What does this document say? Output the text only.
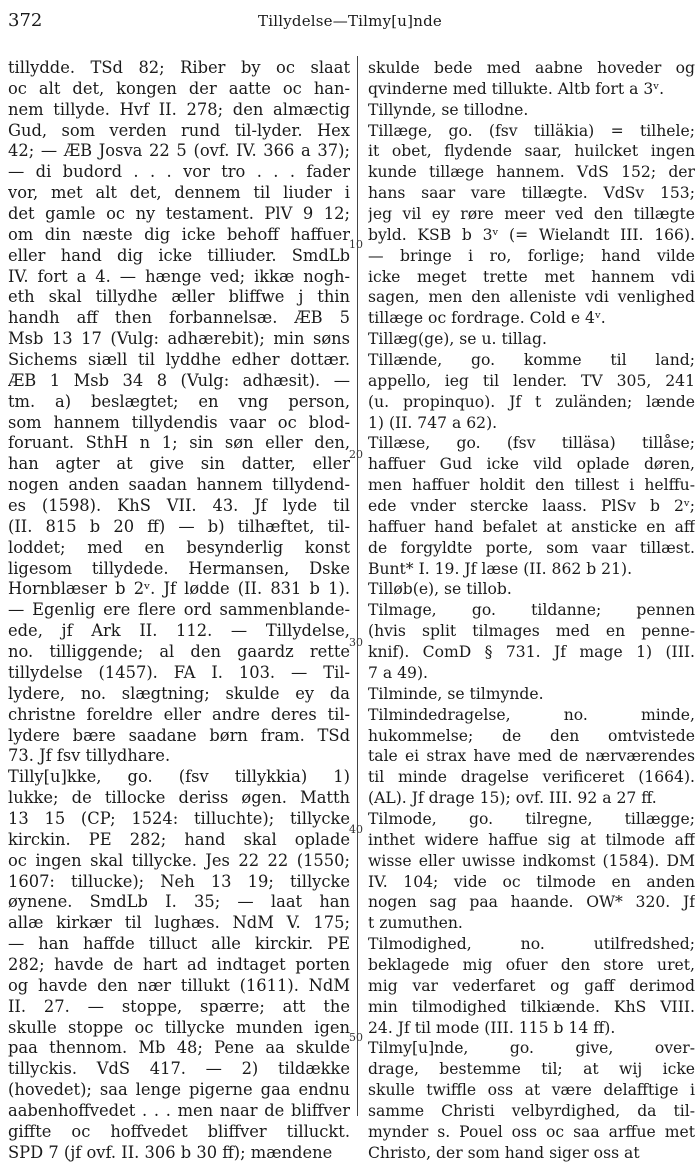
372	Tillydelse—Tilmy[u]nde
tillydde. TSd 82; Riber by oc slaat
oc alt det, kongen der aatte oc han-
nem tillyde. Hvf II. 278; den almæctig
Gud, som verden rund til-lyder. Hex
42; — ÆB Josva 22 5 (ovf. IV. 366 a 37);
— di budord . . . vor tro . . . fader
vor, met alt det, dennem til liuder i
det gamle oc ny testament. PlV 9 12;
om din næste dig icke behoff haffuer
eller hand dig icke tilliuder. SmdLb
IV. fort a 4. — hænge ved; ikkæ nogh-
eth skal tillydhe æller bliffwe j thin
handh aff then forbannelsæ. ÆB 5
Msb 13 17 (Vulg: adhærebit); min søns
Sichems siæll til lyddhe edher dottær.
ÆB 1 Msb 34 8 (Vulg: adhæsit). —
tm. a) beslægtet; en vng person,
som hannem tillydendis vaar oc blod-
foruant. SthH n 1; sin søn eller den,
han agter at give sin datter, eller
nogen anden saadan hannem tillydend-
es (1598). KhS VII. 43. Jf lyde til
(II. 815 b 20 ff) — b) tilhæftet, til-
loddet; med en besynderlig konst
ligesom tillydede. Hermansen, Dske
Hornblæser b 2ᵛ. Jf lødde (II. 831 b 1).
— Egenlig ere flere ord sammenblande-
ede, jf Ark II. 112. — Tillydelse,
no. tilliggende; al den gaardz rette
tillydelse (1457). FA I. 103. — Til-
lydere, no. slægtning; skulde ey da
christne foreldre eller andre deres til-
lydere bære saadane børn fram. TSd
73. Jf fsv tillydhare.
Tilly[u]kke, go. (fsv tillykkia) 1)
lukke; de tillocke deriss øgen. Matth
13 15 (CP; 1524: tilluchte); tillycke
kirckin. PE 282; hand skal oplade
oc ingen skal tillycke. Jes 22 22 (1550;
1607: tillucke); Neh 13 19; tillycke
øynene. SmdLb I. 35; — laat han
allæ kirkær til lughæs. NdM V. 175;
— han haffde tilluct alle kirckir. PE
282; havde de hart ad indtaget porten
og havde den nær tillukt (1611). NdM
II. 27. — stoppe, spærre; att the
skulle stoppe oc tillycke munden igen
paa thennom. Mb 48; Pene aa skulde
tillyckis. VdS 417. — 2) tildække
(hovedet); saa lenge pigerne gaa endnu
aabenhoffvedet . . . men naar de bliffver
giffte oc hoffvedet bliffver tilluckt.
SPD 7 (jf ovf. II. 306 b 30 ff); mændene
skulde bede med aabne hoveder og
qvinderne med tillukte. Altb fort a 3ᵛ.
Tillynde, se tillodne.
Tillæge, go. (fsv tilläkia) = tilhele;
it obet, flydende saar, huilcket ingen
kunde tillæge hannem. VdS 152; der
hans saar vare tillægte. VdSv 153;
jeg vil ey røre meer ved den tillægte
byld. KSB b 3ᵛ (= Wielandt III. 166).
— bringe i ro, forlige; hand vilde
icke meget trette met hannem vdi
sagen, men den alleniste vdi venlighed
tillæge oc fordrage. Cold e 4ᵛ.
Tillæg(ge), se u. tillag.
Tillænde, go. komme til land;
appello, ieg til lender. TV 305, 241
(u. propinquo). Jf t zuländen; lænde
1) (II. 747 a 62).
Tillæse, go. (fsv tilläsa) tillåse;
haffuer Gud icke vild oplade døren,
men haffuer holdit den tillest i helffu-
ede vnder stercke laass. PlSv b 2ᵛ;
haffuer hand befalet at ansticke en aff
de forgyldte porte, som vaar tillæst.
Bunt* I. 19. Jf læse (II. 862 b 21).
Tilløb(e), se tillob.
Tilmage, go. tildanne; pennen
(hvis split tilmages med en penne-
knif). ComD § 731. Jf mage 1) (III.
7 a 49).
Tilminde, se tilmynde.
Tilmindedragelse, no. minde,
hukommelse; de den omtvistede
tale ei strax have med de nærværendes
til minde dragelse verificeret (1664).
(AL). Jf drage 15); ovf. III. 92 a 27 ff.
Tilmode, go. tilregne, tillægge;
inthet widere haffue sig at tilmode aff
wisse eller uwisse indkomst (1584). DM
IV. 104; vide oc tilmode en anden
nogen sag paa haande. OW* 320. Jf
t zumuthen.
Tilmodighed, no. utilfredshed;
beklagede mig ofuer den store uret,
mig var vederfaret og gaff derimod
min tilmodighed tilkiænde. KhS VIII.
24. Jf til mode (III. 115 b 14 ff).
Tilmy[u]nde, go. give, over-
drage, bestemme til; at wij icke
skulle twiffle oss at være delafftige i
samme Christi velbyrdighed, da til-
mynder s. Pouel oss oc saa arffue met
Christo, der som hand siger oss at
10
20
30
40
50
